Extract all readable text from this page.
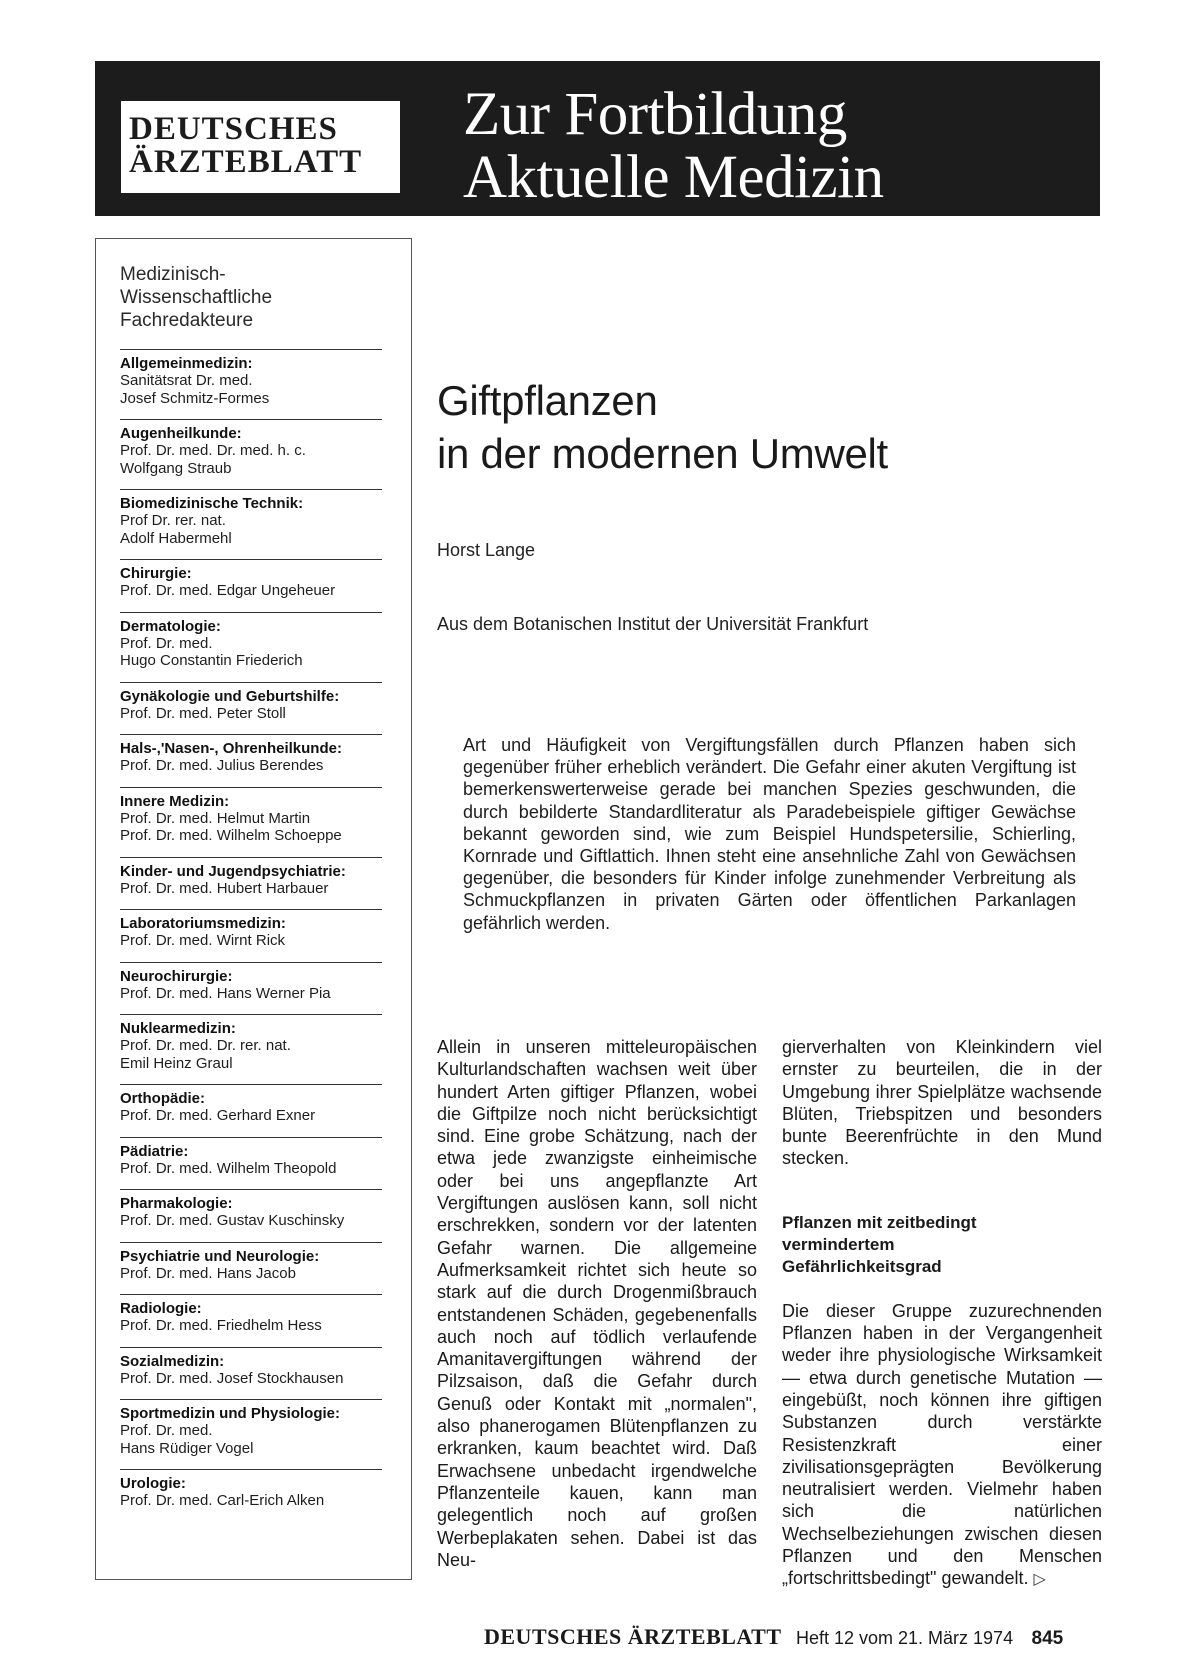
DEUTSCHES
ÄRZTEBLATT
Zur Fortbildung
Aktuelle Medizin
Medizinisch-
Wissenschaftliche
Fachredakteure
Allgemeinmedizin:
Sanitätsrat Dr. med.
Josef Schmitz-Formes
Augenheilkunde:
Prof. Dr. med. Dr. med. h. c.
Wolfgang Straub
Biomedizinische Technik:
Prof Dr. rer. nat.
Adolf Habermehl
Chirurgie:
Prof. Dr. med. Edgar Ungeheuer
Dermatologie:
Prof. Dr. med.
Hugo Constantin Friederich
Gynäkologie und Geburtshilfe:
Prof. Dr. med. Peter Stoll
Hals-,'Nasen-, Ohrenheilkunde:
Prof. Dr. med. Julius Berendes
Innere Medizin:
Prof. Dr. med. Helmut Martin
Prof. Dr. med. Wilhelm Schoeppe
Kinder- und Jugendpsychiatrie:
Prof. Dr. med. Hubert Harbauer
Laboratoriumsmedizin:
Prof. Dr. med. Wirnt Rick
Neurochirurgie:
Prof. Dr. med. Hans Werner Pia
Nuklearmedizin:
Prof. Dr. med. Dr. rer. nat.
Emil Heinz Graul
Orthopädie:
Prof. Dr. med. Gerhard Exner
Pädiatrie:
Prof. Dr. med. Wilhelm Theopold
Pharmakologie:
Prof. Dr. med. Gustav Kuschinsky
Psychiatrie und Neurologie:
Prof. Dr. med. Hans Jacob
Radiologie:
Prof. Dr. med. Friedhelm Hess
Sozialmedizin:
Prof. Dr. med. Josef Stockhausen
Sportmedizin und Physiologie:
Prof. Dr. med.
Hans Rüdiger Vogel
Urologie:
Prof. Dr. med. Carl-Erich Alken
Giftpflanzen
in der modernen Umwelt
Horst Lange
Aus dem Botanischen Institut der Universität Frankfurt
Art und Häufigkeit von Vergiftungsfällen durch Pflanzen haben sich gegenüber früher erheblich verändert. Die Gefahr einer akuten Vergiftung ist bemerkenswerterweise gerade bei manchen Spezies geschwunden, die durch bebilderte Standardliteratur als Paradebeispiele giftiger Gewächse bekannt geworden sind, wie zum Beispiel Hundspetersilie, Schierling, Kornrade und Giftlattich. Ihnen steht eine ansehnliche Zahl von Gewächsen gegenüber, die besonders für Kinder infolge zunehmender Verbreitung als Schmuckpflanzen in privaten Gärten oder öffentlichen Parkanlagen gefährlich werden.

Allein in unseren mitteleuropäischen Kulturlandschaften wachsen weit über hundert Arten giftiger Pflanzen, wobei die Giftpilze noch nicht berücksichtigt sind. Eine grobe Schätzung, nach der etwa jede zwanzigste einheimische oder bei uns angepflanzte Art Vergiftungen auslösen kann, soll nicht erschrekken, sondern vor der latenten Gefahr warnen. Die allgemeine Aufmerksamkeit richtet sich heute so stark auf die durch Drogenmißbrauch entstandenen Schäden, gegebenenfalls auch noch auf tödlich verlaufende Amanitavergiftungen während der Pilzsaison, daß die Gefahr durch Genuß oder Kontakt mit „normalen", also phanerogamen Blütenpflanzen zu erkranken, kaum beachtet wird. Daß Erwachsene unbedacht irgendwelche Pflanzenteile kauen, kann man gelegentlich noch auf großen Werbeplakaten sehen. Dabei ist das Neu-

gierverhalten von Kleinkindern viel ernster zu beurteilen, die in der Umgebung ihrer Spielplätze wachsende Blüten, Triebspitzen und besonders bunte Beerenfrüchte in den Mund stecken.

Pflanzen mit zeitbedingt vermindertem Gefährlichkeitsgrad

Die dieser Gruppe zuzurechnenden Pflanzen haben in der Vergangenheit weder ihre physiologische Wirksamkeit — etwa durch genetische Mutation — eingebüßt, noch können ihre giftigen Substanzen durch verstärkte Resistenzkraft einer zivilisationsgeprägten Bevölkerung neutralisiert werden. Vielmehr haben sich die natürlichen Wechselbeziehungen zwischen diesen Pflanzen und den Menschen „fortschrittsbedingt" gewandelt. ▷

DEUTSCHES ÄRZTEBLATT Heft 12 vom 21. März 1974 845
